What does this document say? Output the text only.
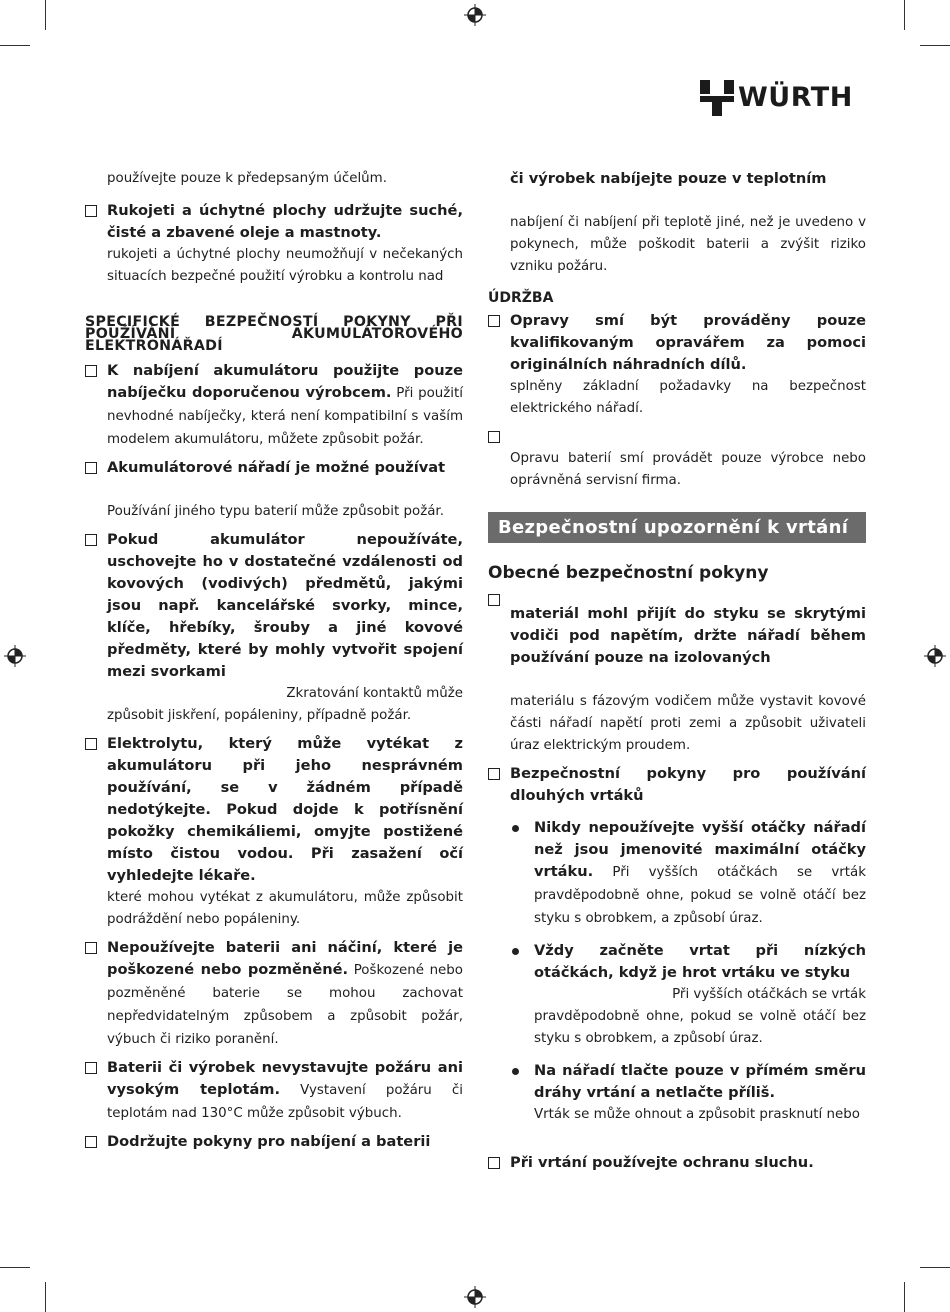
WÜRTH

používejte pouze k předepsaným účelům.

Rukojeti a úchytné plochy udržujte suché, čisté a zbavené oleje a mastnoty.

rukojeti a úchytné plochy neumožňují v nečekaných situacích bezpečné použití výrobku a kontrolu nad

SPECIFICKÉ BEZPEČNOSTÍ POKYNY PŘI POUŽÍVÁNÍ AKUMULÁTOROVÉHO ELEKTRONÁŘADÍ

K nabíjení akumulátoru použijte pouze nabíječku doporučenou výrobcem. Při použití nevhodné nabíječky, která není kompatibilní s vaším modelem akumulátoru, můžete způsobit požár.

Akumulátorové nářadí je možné používat

Používání jiného typu baterií může způsobit požár.

Pokud akumulátor nepoužíváte, uschovejte ho v dostatečné vzdálenosti od kovových (vodivých) předmětů, jakými jsou např. kancelářské svorky, mince, klíče, hřebíky, šrouby a jiné kovové předměty, které by mohly vytvořit spojení mezi svorkami

Zkratování kontaktů může

způsobit jiskření, popáleniny, případně požár.

Elektrolytu, který může vytékat z akumulátoru při jeho nesprávném používání, se v žádném případě nedotýkejte. Pokud dojde k potřísnění pokožky chemikáliemi, omyjte postižené místo čistou vodou. Při zasažení očí vyhledejte lékaře.

které mohou vytékat z akumulátoru, může způsobit podráždění nebo popáleniny.

Nepoužívejte baterii ani náčiní, které je poškozené nebo pozměněné. Poškozené nebo pozměněné baterie se mohou zachovat nepředvidatelným způsobem a způsobit požár, výbuch či riziko poranění.

Baterii či výrobek nevystavujte požáru ani vysokým teplotám. Vystavení požáru či teplotám nad 130°C může způsobit výbuch.

Dodržujte pokyny pro nabíjení a baterii

či výrobek nabíjejte pouze v teplotním

nabíjení či nabíjení při teplotě jiné, než je uvedeno v pokynech, může poškodit baterii a zvýšit riziko vzniku požáru.

ÚDRŽBA

Opravy smí být prováděny pouze kvalifikovaným opravářem za pomoci originálních náhradních dílů.

splněny základní požadavky na bezpečnost elektrického nářadí.

Opravu baterií smí provádět pouze výrobce nebo oprávněná servisní firma.

Bezpečnostní upozornění k vrtání
Obecné bezpečnostní pokyny

materiál mohl přijít do styku se skrytými vodiči pod napětím, držte nářadí během používání pouze na izolovaných

materiálu s fázovým vodičem může vystavit kovové části nářadí napětí proti zemi a způsobit uživateli úraz elektrickým proudem.

Bezpečnostní pokyny pro používání dlouhých vrtáků

Nikdy nepoužívejte vyšší otáčky nářadí než jsou jmenovité maximální otáčky vrtáku. Při vyšších otáčkách se vrták pravděpodobně ohne, pokud se volně otáčí bez styku s obrobkem, a způsobí úraz.

Vždy začněte vrtat při nízkých otáčkách, když je hrot vrtáku ve styku

Při vyšších otáčkách se vrták

pravděpodobně ohne, pokud se volně otáčí bez styku s obrobkem, a způsobí úraz.

Na nářadí tlačte pouze v přímém směru dráhy vrtání a netlačte příliš.

Vrták se může ohnout a způsobit prasknutí nebo

Při vrtání používejte ochranu sluchu.
